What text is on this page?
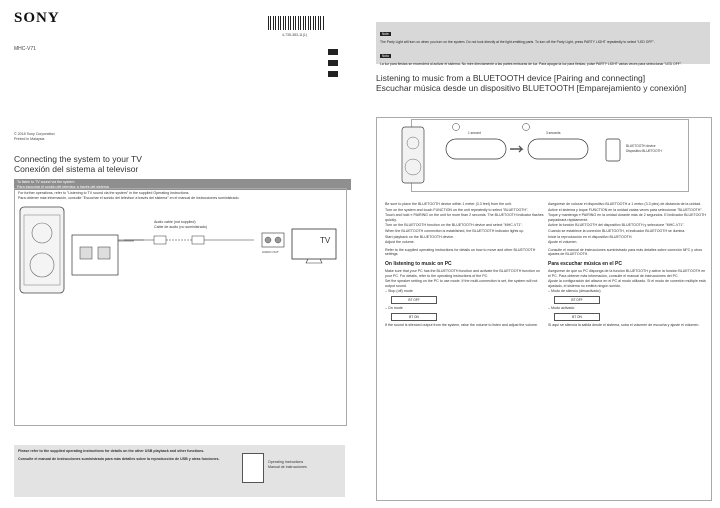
SONY
MHC-V71
4-735-383-11(1)
© 2018 Sony Corporation
Printed in Malaysia
Connecting the system to your TV
Conexión del sistema al televisor
To listen to TV sound via the system
Para escuchar el sonido del televisor a través del sistema
For further operations, refer to "Listening to TV sound via the system" in the supplied Operating Instructions.
Para obtener más información, consulte "Escuchar el sonido del televisor a través del sistema" en el manual de instrucciones suministrado.
Audio cable (not supplied)
Cable de audio (no suministrado)
AUDIO OUT
TV
Please refer to the supplied operating instructions for details on the other USB playback and other functions.
Consulte el manual de instrucciones suministrado para más detalles sobre la reproducción de USB y otras funciones.
Operating Instructions
Manual de instrucciones
Note
The Party Light will turn on when you turn on the system. Do not look directly at the light-emitting parts. To turn off the Party Light, press PARTY LIGHT repeatedly to select "LED OFF".
Nota
La luz para fiestas se encenderá al activar el sistema. No mire directamente a las partes emisoras de luz. Para apagar la luz para fiestas, pulse PARTY LIGHT varias veces para seleccionar "LED OFF".
Listening to music from a BLUETOOTH device [Pairing and connecting]
Escuchar música desde un dispositivo BLUETOOTH [Emparejamiento y conexión]
1 second	3 seconds
BLUETOOTH device
Dispositivo BLUETOOTH
Be sure to place the BLUETOOTH device within 1 meter (3.3 feet) from the unit.
Turn on the system and touch FUNCTION on the unit repeatedly to select "BLUETOOTH".
Touch and hold ≡ PAIRING on the unit for more than 2 seconds. The BLUETOOTH indicator flashes quickly.
Turn on the BLUETOOTH function on the BLUETOOTH device and select "MHC-V71".
When the BLUETOOTH connection is established, the BLUETOOTH indicator lights up.
Start playback on the BLUETOOTH device.
Adjust the volume.
Refer to the supplied operating instructions for details on how to move and other BLUETOOTH settings.
On listening to music on PC
Make sure that your PC has the BLUETOOTH function and activate the BLUETOOTH function on your PC. For details, refer to the operating instructions of the PC.
Set the speaker setting on the PC to use mode. If the multi-connection is set, the system will not output sound.
– Stop (off) mode
BT OFF
– On mode
BT ON
If the sound is silenced output from the system, raise the volume to listen and adjust the volume.
Asegúrese de colocar el dispositivo BLUETOOTH a 1 metro (3.3 pies) de distancia de la unidad.
Active el sistema y toque FUNCTION en la unidad varias veces para seleccionar "BLUETOOTH".
Toque y mantenga ≡ PAIRING en la unidad durante más de 2 segundos. El indicador BLUETOOTH parpadeará rápidamente.
Active la función BLUETOOTH del dispositivo BLUETOOTH y seleccione "MHC-V71".
Cuando se establece la conexión BLUETOOTH, el indicador BLUETOOTH se ilumina.
Inicie la reproducción en el dispositivo BLUETOOTH.
Ajuste el volumen.
Consulte el manual de instrucciones suministrado para más detalles sobre conexión NFC y otros ajustes de BLUETOOTH.
Para escuchar música en el PC
Asegúrese de que su PC disponga de la función BLUETOOTH y active la función BLUETOOTH en el PC. Para obtener más información, consulte el manual de instrucciones del PC.
Ajuste la configuración del altavoz en el PC al modo utilizado. Si el modo de conexión múltiple está ajustado, el sistema no emitirá ningún sonido.
– Modo de silencio (desactivado)
BT OFF
– Modo activado
BT ON
Si aquí se silencia la salida desde el sistema, suba el volumen de escucha y ajuste el volumen.
